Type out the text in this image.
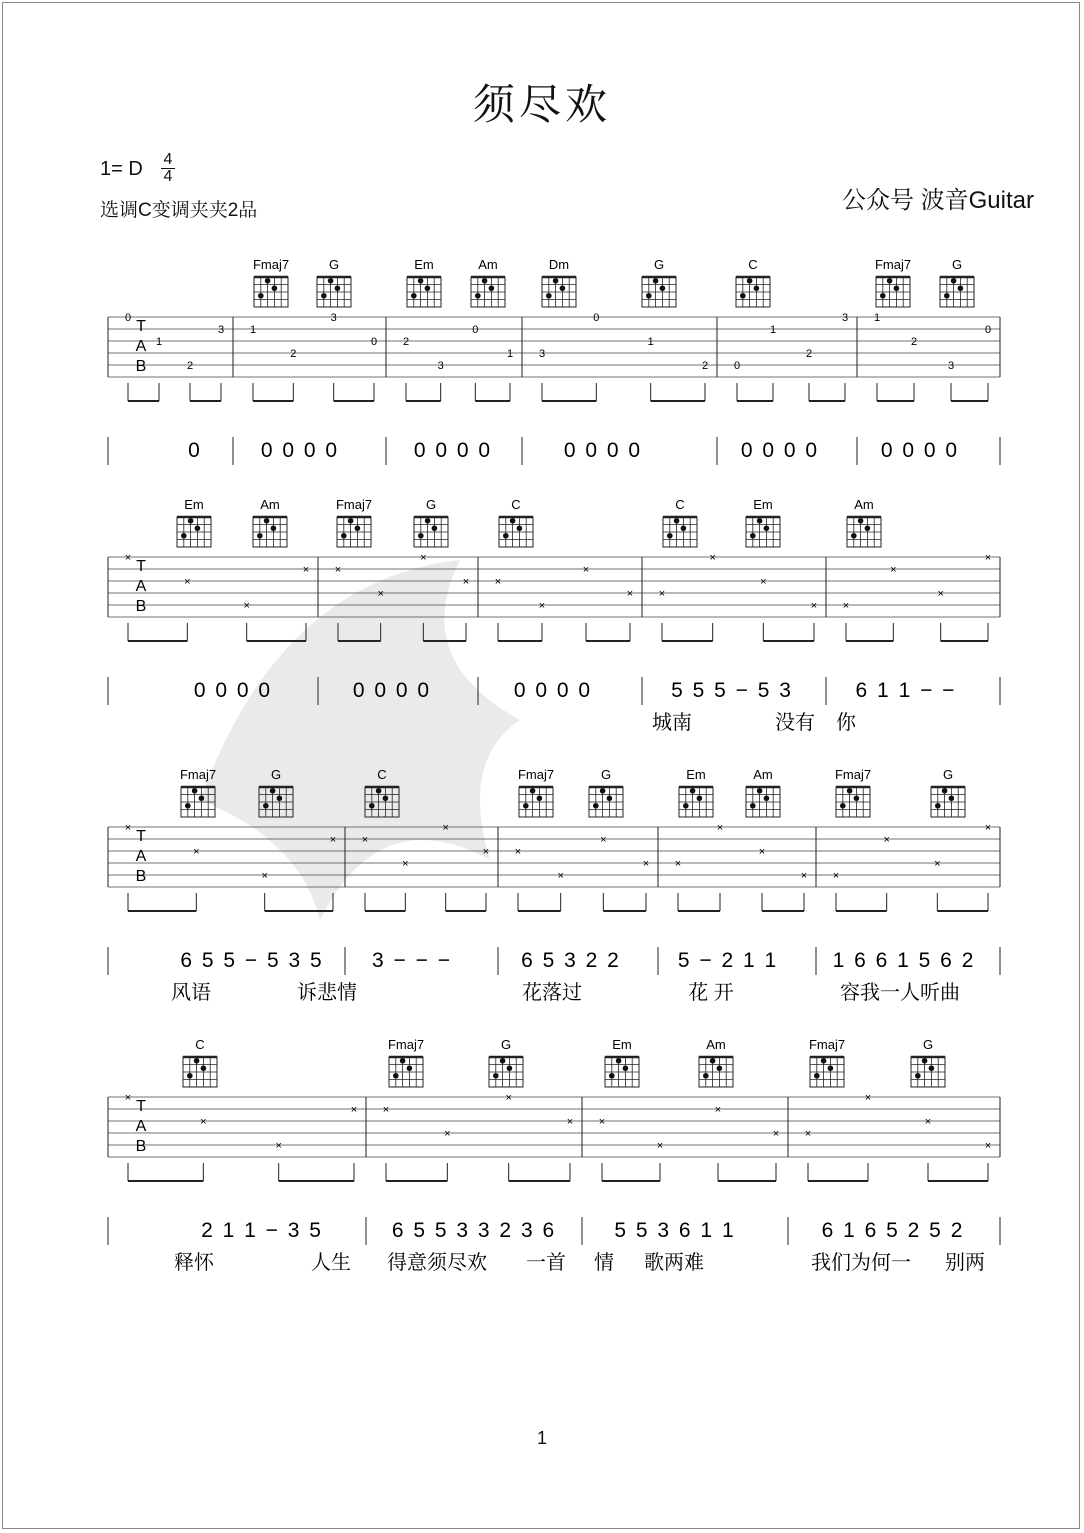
须尽欢
1= D	4
4
选调C变调夹夹2品	公众号 波音Guitar
Fmaj7	G	Em	Am	Dm	G	C	Fmaj7	G
T
A
B
0
1
2
3 1
2
3
0 2
3
0
1 3
0
1
2 0
1
2
3 1
2
3
0
0	0 0 0 0	0 0 0 0	0 0 0 0	0 0 0 0	0 0 0 0
Em	Am	Fmaj7	G	C	C	Em	Am
T
A
B
×
×
×
× ×
×
×
× ×
×
×
× ×
×
×
× ×
×
×
×
0 0 0 0	0 0 0 0	0 0 0 0	5 5 5 − 5 3	6 1 1 − −
城南	没有 你
Fmaj7	G	C	Fmaj7	G	Em	Am	Fmaj7	G
T
A
B
×
×
×
× ×
×
×
× ×
×
×
× ×
×
×
× ×
×
×
×
6 5 5 − 5 3 5 3 − − −	6 5 3 2 2	5 − 2 1 1	1 6 6 1 5 6 2
风语	诉悲情	花落过	花 开	容我一人听曲
C	Fmaj7	G	Em	Am	Fmaj7	G
T
A
B
×
×
×
× ×
×
×
× ×
×
×
× ×
×
×
×
2 1 1 − 3 5	6 5 5 3 3 2 3 6	5 5 3 6 1 1	6 1 6 5 2 5 2
释怀	人生 得意须尽欢 一首 情 歌两难	我们为何一 别两
1
